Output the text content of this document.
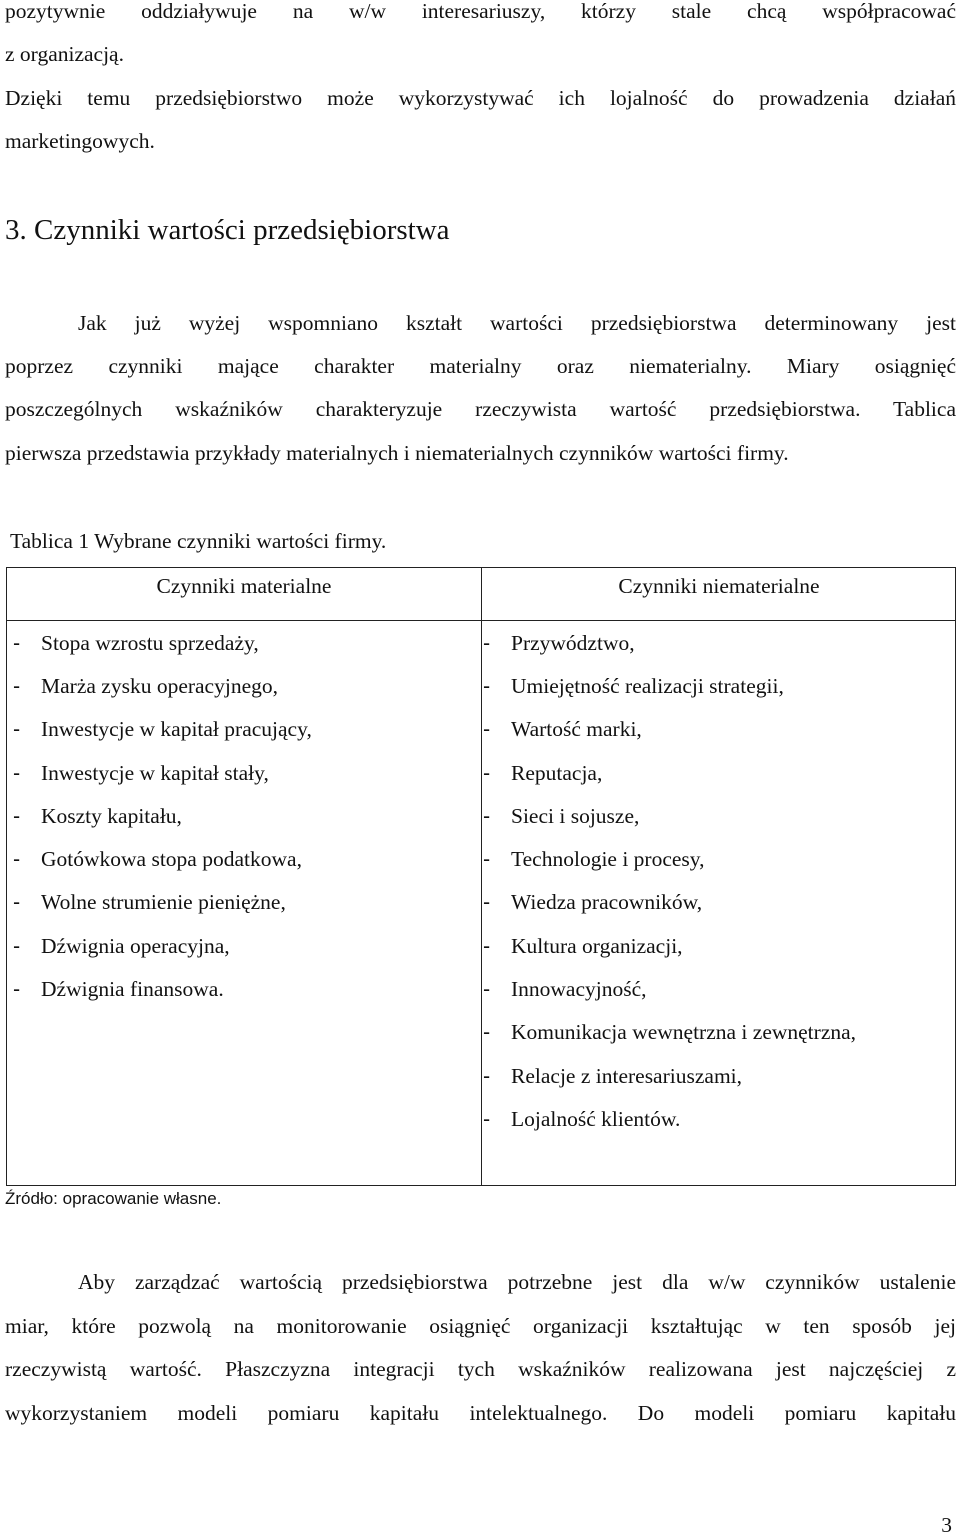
pozytywnie oddziaływuje na w/w interesariuszy, którzy stale chcą współpracować
z organizacją.
Dzięki temu przedsiębiorstwo może wykorzystywać ich lojalność do prowadzenia działań
marketingowych.
3. Czynniki wartości przedsiębiorstwa
Jak już wyżej wspomniano kształt wartości przedsiębiorstwa determinowany jest
poprzez czynniki mające charakter materialny oraz niematerialny. Miary osiągnięć
poszczególnych wskaźników charakteryzuje rzeczywista wartość przedsiębiorstwa. Tablica
pierwsza przedstawia przykłady materialnych i niematerialnych czynników wartości firmy.
Tablica 1 Wybrane czynniki wartości firmy.
Czynniki materialne	Czynniki niematerialne
- Stopa wzrostu sprzedaży,
- Marża zysku operacyjnego,
- Inwestycje w kapitał pracujący,
- Inwestycje w kapitał stały,
- Koszty kapitału,
- Gotówkowa stopa podatkowa,
- Wolne strumienie pieniężne,
- Dźwignia operacyjna,
- Dźwignia finansowa.
- Przywództwo,
- Umiejętność realizacji strategii,
- Wartość marki,
- Reputacja,
- Sieci i sojusze,
- Technologie i procesy,
- Wiedza pracowników,
- Kultura organizacji,
- Innowacyjność,
- Komunikacja wewnętrzna i zewnętrzna,
- Relacje z interesariuszami,
- Lojalność klientów.
Źródło: opracowanie własne.
Aby zarządzać wartością przedsiębiorstwa potrzebne jest dla w/w czynników ustalenie
miar, które pozwolą na monitorowanie osiągnięć organizacji kształtując w ten sposób jej
rzeczywistą wartość. Płaszczyzna integracji tych wskaźników realizowana jest najczęściej z
wykorzystaniem modeli pomiaru kapitału intelektualnego. Do modeli pomiaru kapitału
3
